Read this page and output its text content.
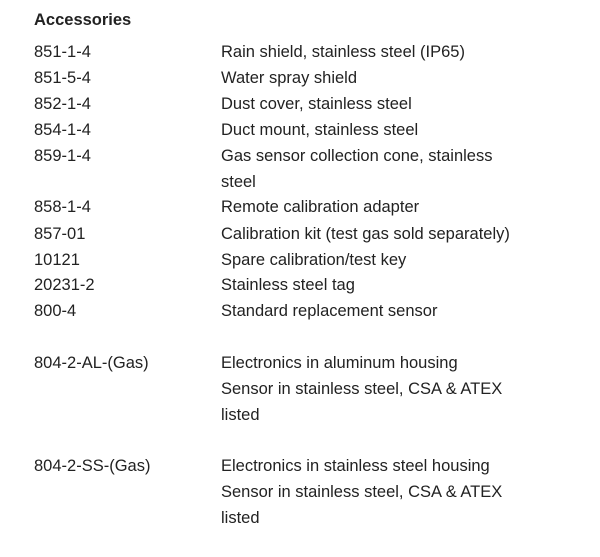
Accessories
851-1-4	Rain shield, stainless steel (IP65)
851-5-4	Water spray shield
852-1-4	Dust cover, stainless steel
854-1-4	Duct mount, stainless steel
859-1-4	Gas sensor collection cone, stainless
steel
858-1-4	Remote calibration adapter
857-01	Calibration kit (test gas sold separately)
10121	Spare calibration/test key
20231-2	Stainless steel tag
800-4	Standard replacement sensor
804-2-AL-(Gas)	Electronics in aluminum housing
Sensor in stainless steel, CSA & ATEX
listed
804-2-SS-(Gas)	Electronics in stainless steel housing
Sensor in stainless steel, CSA & ATEX
listed
